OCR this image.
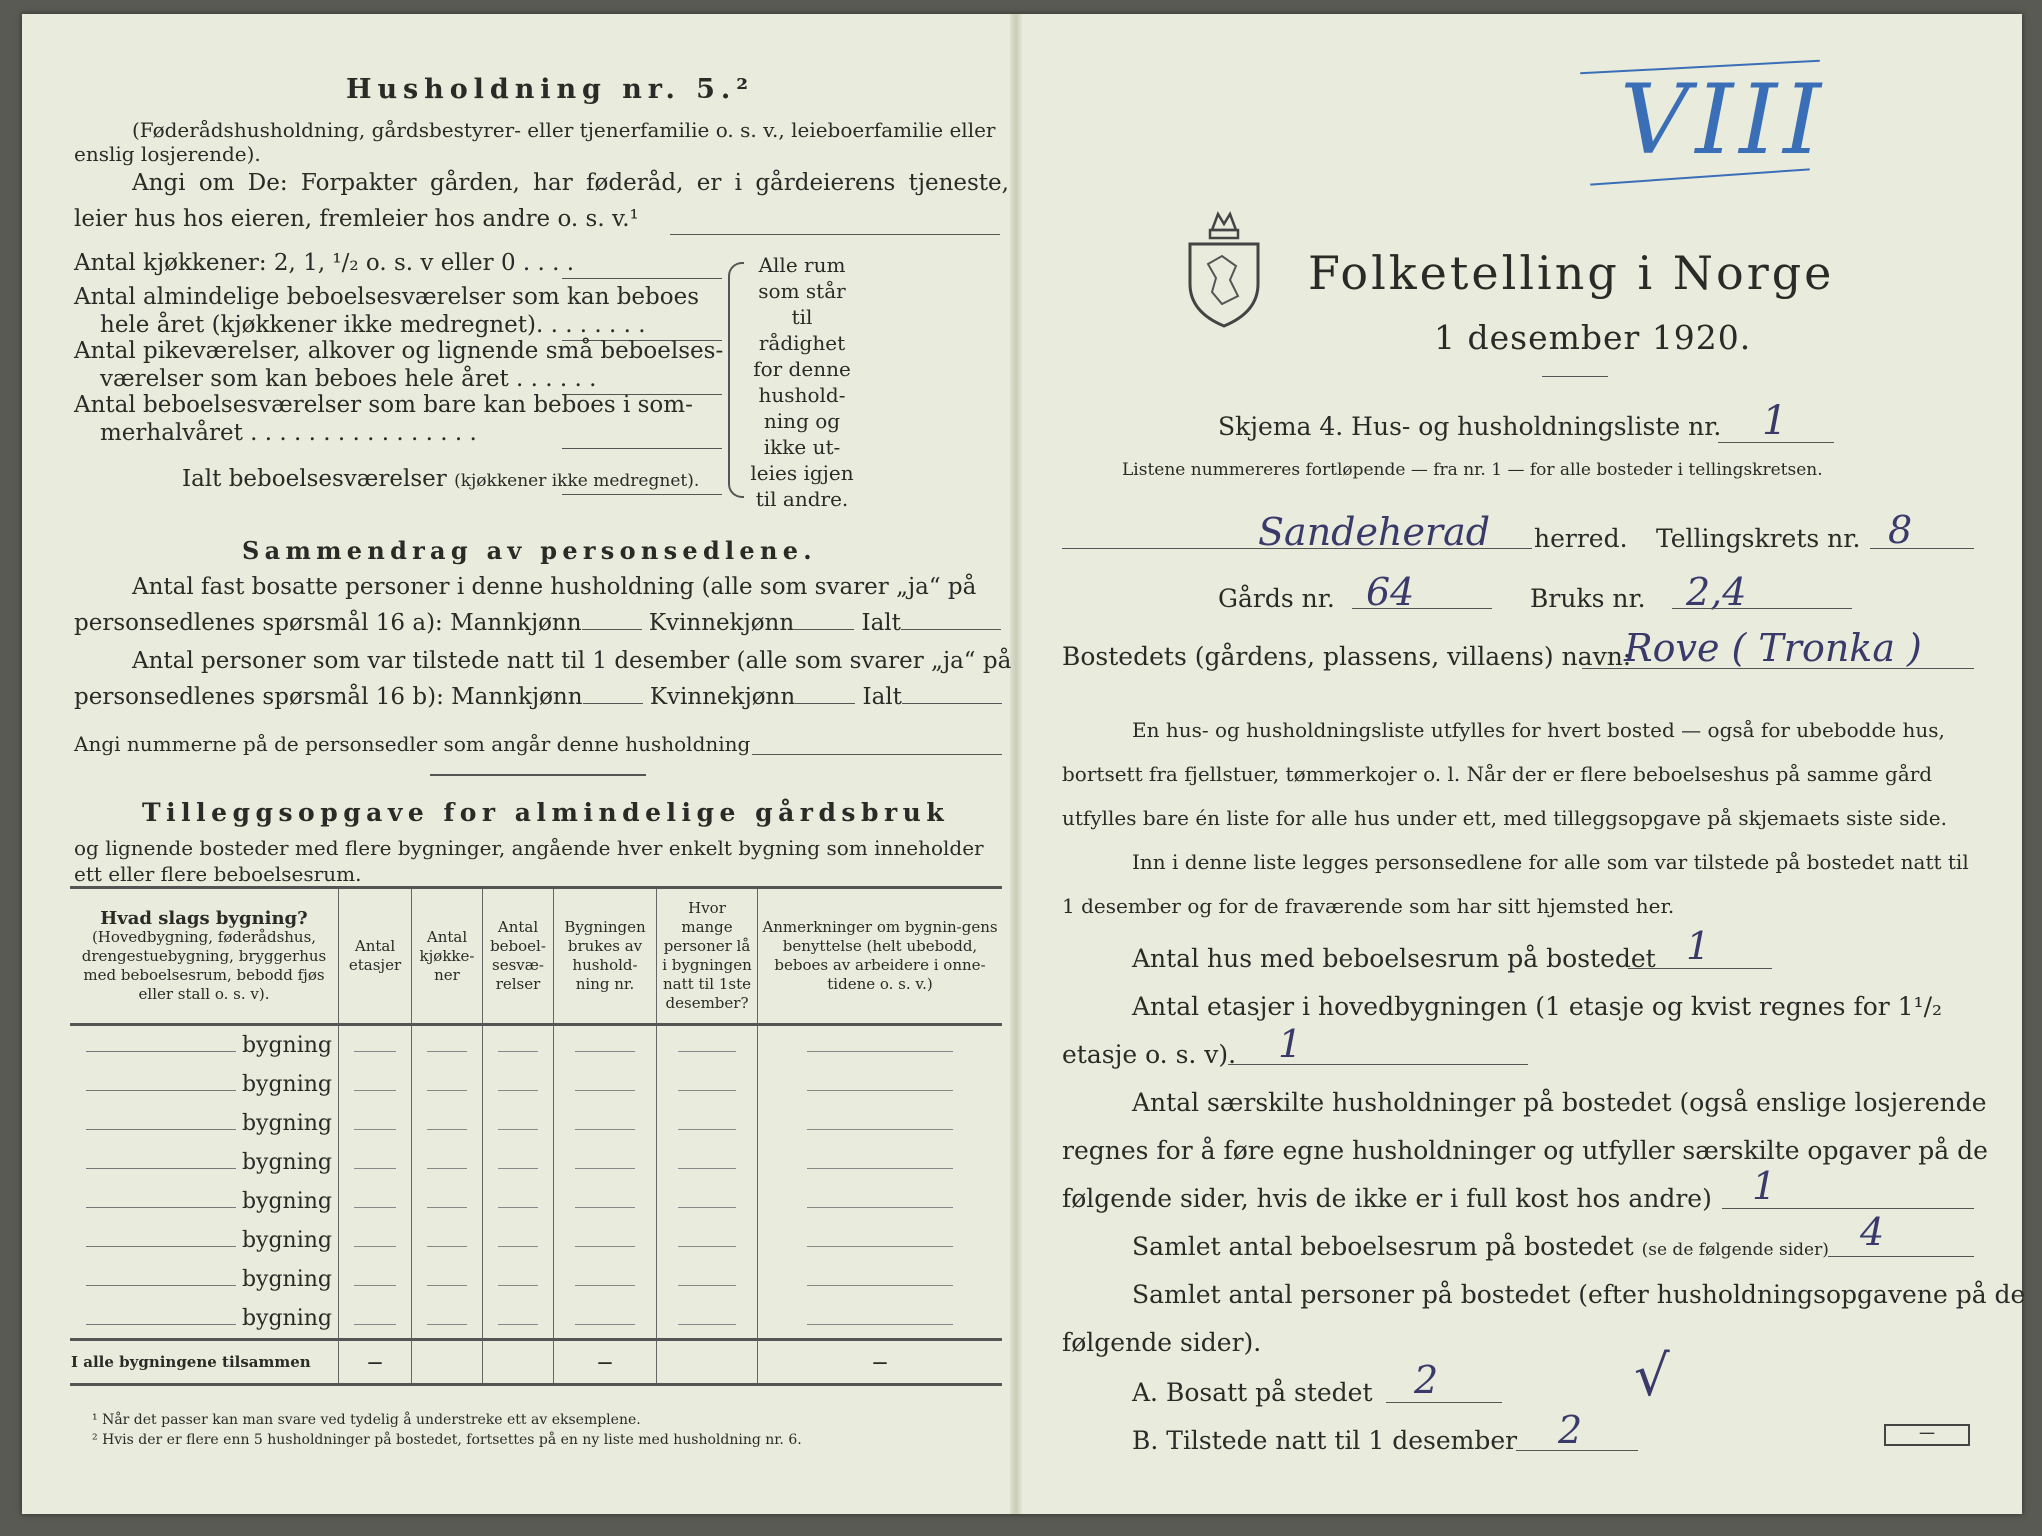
Husholdning nr. 5.²
(Føderådshusholdning, gårdsbestyrer- eller tjenerfamilie o. s. v., leieboerfamilie eller
enslig losjerende).
Angi om De: Forpakter gården, har føderåd, er i gårdeierens tjeneste,
leier hus hos eieren, fremleier hos andre o. s. v.¹
Antal kjøkkener: 2, 1, ¹/₂ o. s. v eller 0 . . . .
Antal almindelige beboelsesværelser som kan beboes
hele året (kjøkkener ikke medregnet). . . . . . . .
Antal pikeværelser, alkover og lignende små beboelses-
værelser som kan beboes hele året . . . . . .
Antal beboelsesværelser som bare kan beboes i som-
merhalvåret . . . . . . . . . . . . . . . .
Ialt beboelsesværelser (kjøkkener ikke medregnet).
Alle rum
som står til
rådighet
for denne
hushold-
ning og
ikke ut-
leies igjen
til andre.
Sammendrag av personsedlene.
Antal fast bosatte personer i denne husholdning (alle som svarer „ja“ på
personsedlenes spørsmål 16 a): Mannkjønn	Kvinnekjønn	Ialt
Antal personer som var tilstede natt til 1 desember (alle som svarer „ja“ på
personsedlenes spørsmål 16 b): Mannkjønn	Kvinnekjønn	Ialt
Angi nummerne på de personsedler som angår denne husholdning
Tilleggsopgave for almindelige gårdsbruk
og lignende bosteder med flere bygninger, angående hver enkelt bygning som inneholder
ett eller flere beboelsesrum.
Hvad slags bygning?
(Hovedbygning, føderådshus, drengestuebygning, bryggerhus med beboelsesrum, bebodd fjøs eller stall o. s. v).	Antal etasjer	Antal kjøkke-ner	Antal beboel-sesvæ-relser	Bygningen brukes av hushold-ning nr.	Hvor mange personer lå i bygningen natt til 1ste desember?	Anmerkninger om bygnin-gens benyttelse (helt ubebodd, beboes av arbeidere i onne-tidene o. s. v.)
bygning						
bygning						
bygning						
bygning						
bygning						
bygning						
bygning						
bygning						
I alle bygningene tilsammen	—			—		—
¹ Når det passer kan man svare ved tydelig å understreke ett av eksemplene.
² Hvis der er flere enn 5 husholdninger på bostedet, fortsettes på en ny liste med husholdning nr. 6.
VIII
Folketelling i Norge
1 desember 1920.
Skjema 4. Hus- og husholdningsliste nr. 1
Listene nummereres fortløpende — fra nr. 1 — for alle bosteder i tellingskretsen.
Sandeherad herred. Tellingskrets nr. 8
Gårds nr. 64	Bruks nr. 2,4
Bostedets (gårdens, plassens, villaens) navn:
Rove ( Tronka )
En hus- og husholdningsliste utfylles for hvert bosted — også for ubebodde hus,
bortsett fra fjellstuer, tømmerkojer o. l. Når der er flere beboelseshus på samme gård
utfylles bare én liste for alle hus under ett, med tilleggsopgave på skjemaets siste side.
Inn i denne liste legges personsedlene for alle som var tilstede på bostedet natt til
1 desember og for de fraværende som har sitt hjemsted her.
Antal hus med beboelsesrum på bostedet 1
Antal etasjer i hovedbygningen (1 etasje og kvist regnes for 1¹/₂
etasje o. s. v). 1
Antal særskilte husholdninger på bostedet (også enslige losjerende
regnes for å føre egne husholdninger og utfyller særskilte opgaver på de
følgende sider, hvis de ikke er i full kost hos andre) 1
Samlet antal beboelsesrum på bostedet (se de følgende sider) 4
Samlet antal personer på bostedet (efter husholdningsopgavene på de
følgende sider).
A. Bosatt på stedet 2	√
B. Tilstede natt til 1 desember 2	━━━
